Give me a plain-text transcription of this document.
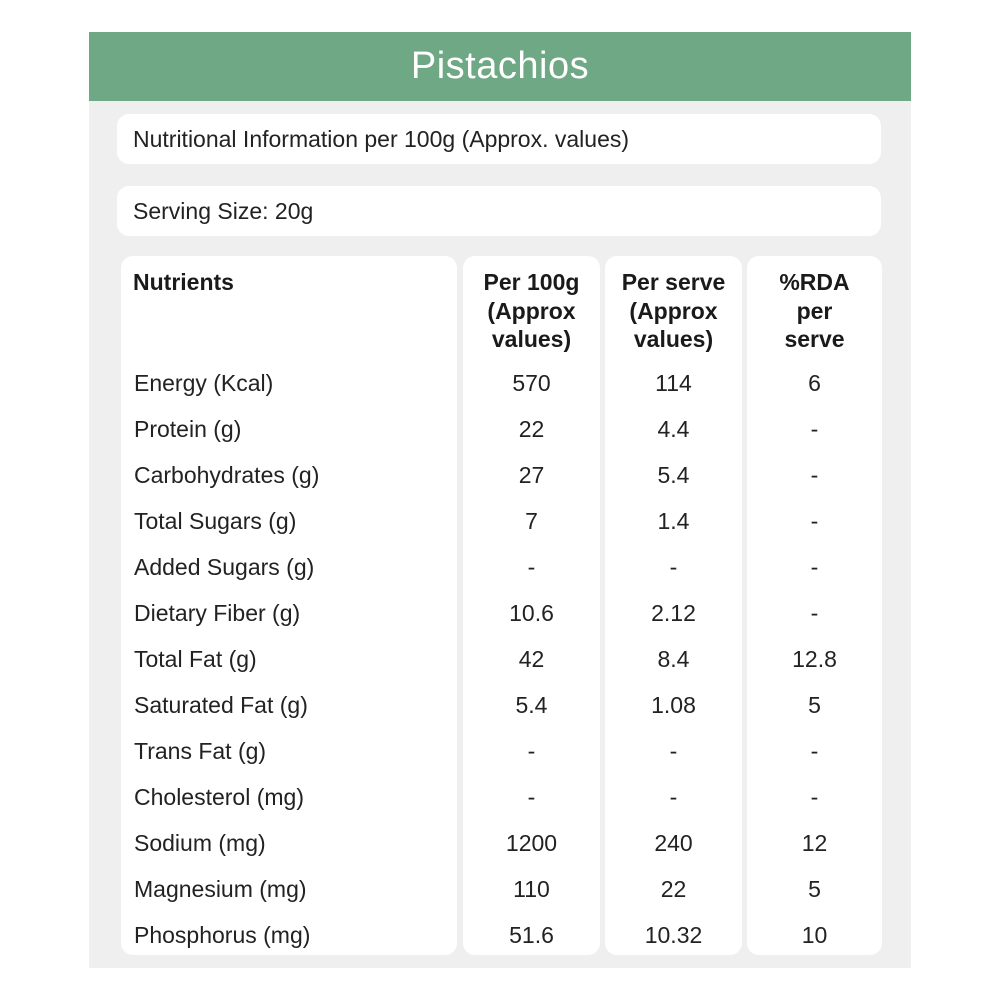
Pistachios
Nutritional Information per 100g (Approx. values)
Serving Size: 20g
Nutrients
Energy (Kcal)
Protein (g)
Carbohydrates (g)
Total Sugars (g)
Added Sugars (g)
Dietary Fiber (g)
Total Fat (g)
Saturated Fat (g)
Trans Fat (g)
Cholesterol (mg)
Sodium (mg)
Magnesium (mg)
Phosphorus (mg)
Per 100g
(Approx
values)
570
22
27
7
-
10.6
42
5.4
-
-
1200
110
51.6
Per serve
(Approx
values)
114
4.4
5.4
1.4
-
2.12
8.4
1.08
-
-
240
22
10.32
%RDA
per
serve
6
-
-
-
-
-
12.8
5
-
-
12
5
10
